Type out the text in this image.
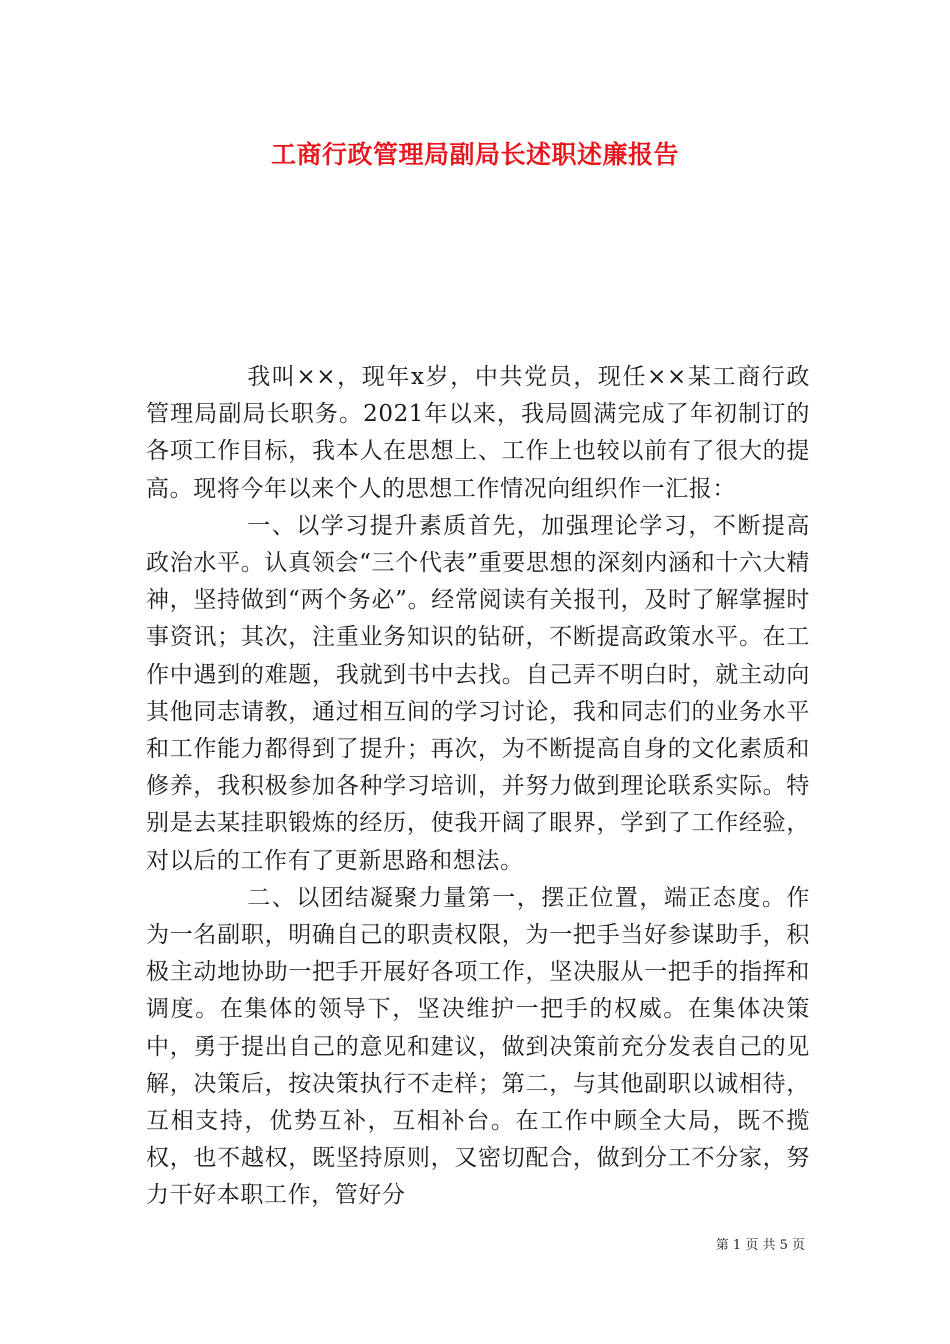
工商行政管理局副局长述职述廉报告

我叫××，现年x岁，中共党员，现任××某工商行政管理局副局长职务。2021年以来，我局圆满完成了年初制订的各项工作目标，我本人在思想上、工作上也较以前有了很大的提高。现将今年以来个人的思想工作情况向组织作一汇报：

一、以学习提升素质首先，加强理论学习，不断提高政治水平。认真领会“三个代表”重要思想的深刻内涵和十六大精神，坚持做到“两个务必”。经常阅读有关报刊，及时了解掌握时事资讯；其次，注重业务知识的钻研，不断提高政策水平。在工作中遇到的难题，我就到书中去找。自己弄不明白时，就主动向其他同志请教，通过相互间的学习讨论，我和同志们的业务水平和工作能力都得到了提升；再次，为不断提高自身的文化素质和修养，我积极参加各种学习培训，并努力做到理论联系实际。特别是去某挂职锻炼的经历，使我开阔了眼界，学到了工作经验，对以后的工作有了更新思路和想法。

二、以团结凝聚力量第一，摆正位置，端正态度。作为一名副职，明确自己的职责权限，为一把手当好参谋助手，积极主动地协助一把手开展好各项工作，坚决服从一把手的指挥和调度。在集体的领导下，坚决维护一把手的权威。在集体决策中，勇于提出自己的意见和建议，做到决策前充分发表自己的见解，决策后，按决策执行不走样；第二，与其他副职以诚相待，互相支持，优势互补，互相补台。在工作中顾全大局，既不揽权，也不越权，既坚持原则，又密切配合，做到分工不分家，努力干好本职工作，管好分

第 1 页 共 5 页
